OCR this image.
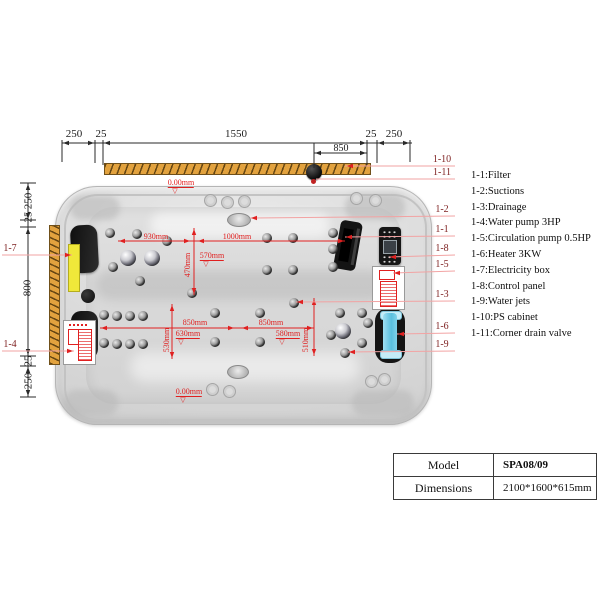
250 25	1550
850
25 250
250
25
800
25
250
0.00mm
▽
930mm	1000mm
570mm
▽
470mm
850mm	850mm
630mm
▽
580mm
▽
530mm	510mm
0.00mm
▽
1-10
1-11
1-2
1-1
1-8
1-5
1-3
1-6
1-9
1-7
1-4
1-1:Filter
1-2:Suctions
1-3:Drainage
1-4:Water pump 3HP
1-5:Circulation pump 0.5HP
1-6:Heater 3KW
1-7:Electricity box
1-8:Control panel
1-9:Water jets
1-10:PS cabinet
1-11:Corner drain valve
Model	SPA08/09
Dimensions	2100*1600*615mm
